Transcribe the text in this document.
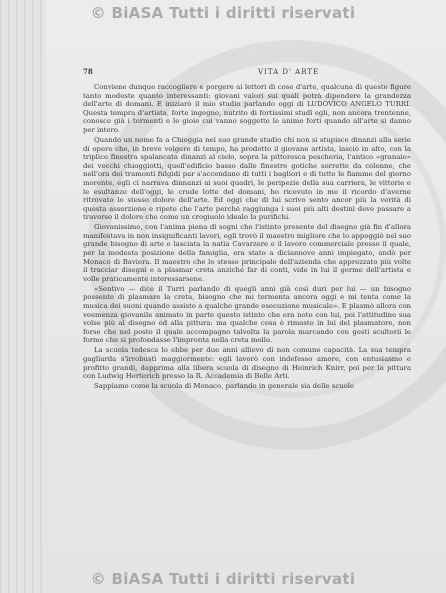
© BiASA Tutti i diritti riservati
78	VITA D' ARTE

Conviene dunque raccogliere e porgere ai lettori di cose d'arte, qualcuna di queste figure tanto modeste quanto interessanti: giovani valori sui quali potrà dipendere la grandezza dell'arte di domani. E iniziarò il mio studio parlando oggi di LUDOVICO ANGELO TURRI. Questa tempra d'artista, forte ingegno, nutrito di fortissimi studî egli, non ancora trentenne, conosce già i tormenti e le gioie cui vanno soggette le anime forti quando all'arte si danno per intero.

Quando un nome fa a Chioggia nel suo grande studio chi non si stupisce dinanzi alla serie di opere che, in breve volgere di tempo, ha prodotto il giovane artista, lasciò in alto, con la triplice finestra spalancata dinanzi al cielo, sopra la pittoresca pescheria, l'antico «granaio» dei vecchi chioggiotti, quell'edificio basso dalle finestre gotiche sorrette da colonne, che nell'ora dei tramonti fulgidi par s'accendano di tutti i bagliori e di tutte le fiamme del giorno morente, egli ci narrava dinnanzi ai suoi quadri, le peripezie della sua carriera, le vittorie e le esultanze dell'oggi, le crude lotte del domani, ho ricevuto in me il ricordo d'averne ritrovato lo stesso dolore dell'arte. Ed oggi che di lui scrivo sento ancor più la verità di questa asserzione e ripeto che l'arte perché raggiunga i suoi più alti destini deve passare a traverso il dolore che come un crogiuolo idealo la purifichi.

Giovanissimo, con l'anima piena di sogni che l'istinto presente del disegno già fin d'allora manifestava in non insignificanti lavori, egli trovò il maestro migliore che lo appoggiò nel suo grande bisogno di arte e lasciata la natìa Cavarzere e il lavoro commerciale presso il quale, per la modesta posizione della famiglia, era stato a diciannove anni impiegato, andò per Monaco di Baviera. Il maestro che lo stesso principale dell'azienda che apprezzato più volte il tracciar disegni e a plasmar creta anziché far di conti, vide in lui il germe dell'artista e volle praticamente interessarsene.

«Sentivo — dice il Turri parlando di quegli anni già così duri per lui — un bisogno possente di plasmare la creta, bisogno che mi tormenta ancora oggi e mi tenta come la musica dei suoni quando assisto a qualche grande esecuzione musicale». E plasmò allora con veemenza giovanile animato in parte questo istinto che era noto con lui, poi l'attitudine sua volse più al disegno ed alla pittura: ma qualche cosa è rimasto in lui del plasmatore, non forse che nel posto il quale accompagno talvolta la parola marcando con gesti scultorii le forme che si profondasse l'impronta nella creta molle.

La scuola tedesca lo ebbe per due anni allievo di non comune capacità. La sua tempra gagliarda s'irrobustì maggiormente: egli lavorò con indefesso amore, con entusiasmo e profitto grandi, dapprima alla libera scuola di disegno di Heinrich Knirr, poi per la pittura con Ludwig Herterich presso la R. Accademia di Belle Arti.

Sappiamo come la scuola di Monaco, parlando in generale sia delle scuole

© BiASA Tutti i diritti riservati
